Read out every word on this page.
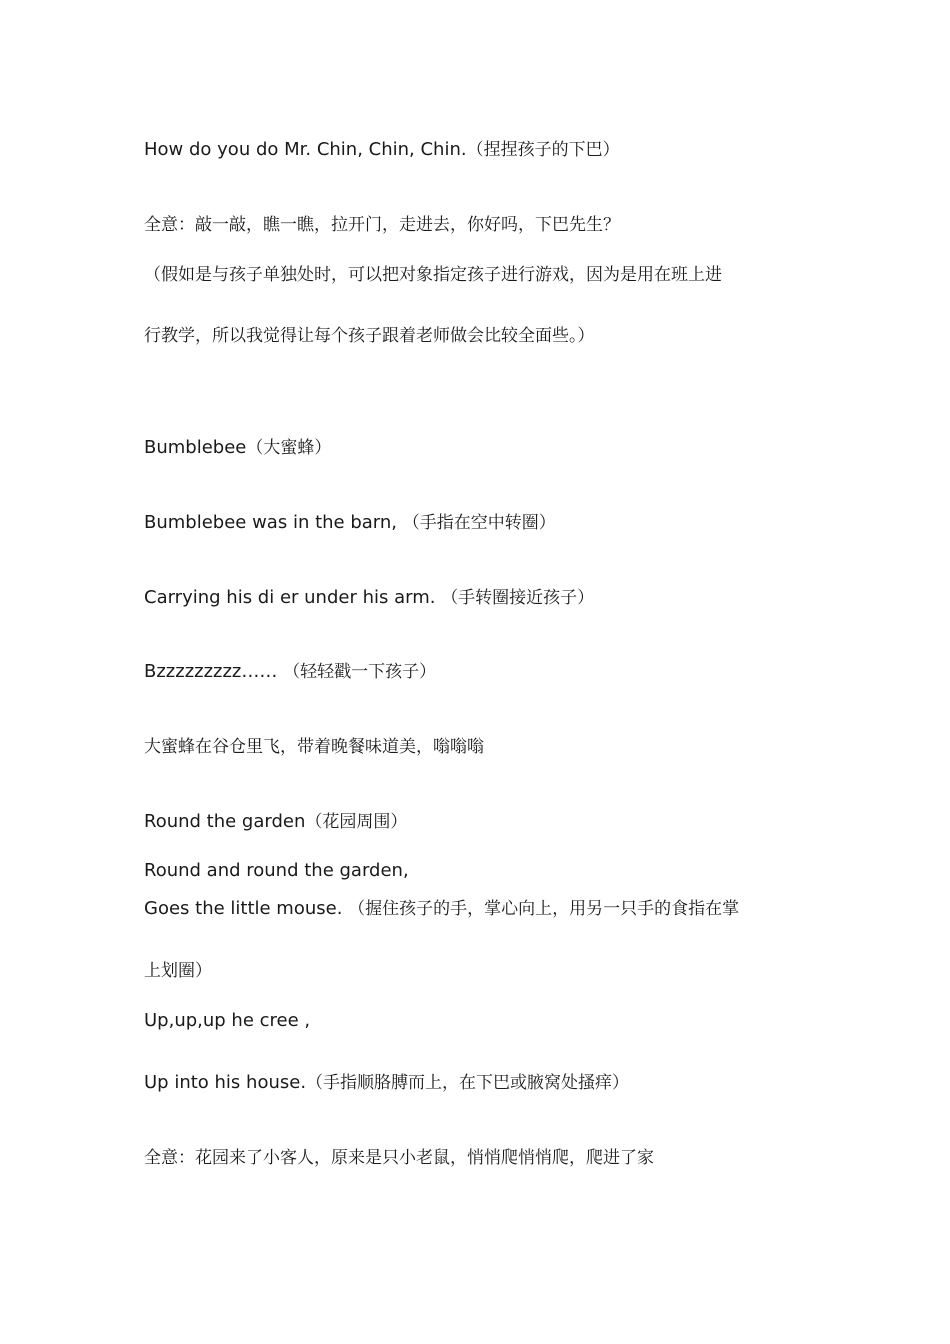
How do you do Mr. Chin, Chin, Chin.（捏捏孩子的下巴）
全意：敲一敲，瞧一瞧，拉开门，走进去，你好吗，下巴先生？
（假如是与孩子单独处时，可以把对象指定孩子进行游戏，因为是用在班上进
行教学，所以我觉得让每个孩子跟着老师做会比较全面些。）
Bumblebee（大蜜蜂）
Bumblebee was in the barn, （手指在空中转圈）
Carrying his di er under his arm. （手转圈接近孩子）
Bzzzzzzzzz…… （轻轻戳一下孩子）
大蜜蜂在谷仓里飞，带着晚餐味道美，嗡嗡嗡
Round the garden（花园周围）
Round and round the garden,
Goes the little mouse. （握住孩子的手，掌心向上，用另一只手的食指在掌
上划圈）
Up,up,up he cree ,
Up into his house.（手指顺胳膊而上，在下巴或腋窝处搔痒）
全意：花园来了小客人，原来是只小老鼠，悄悄爬悄悄爬，爬进了家
